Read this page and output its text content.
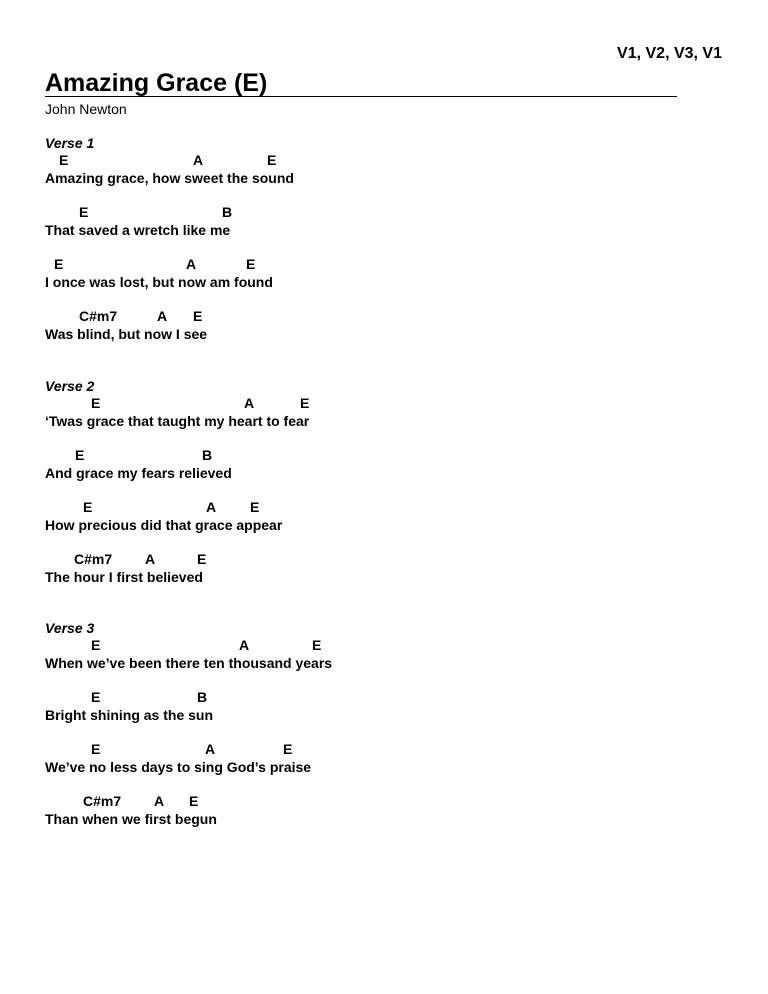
V1, V2, V3, V1
Amazing Grace (E)
John Newton
Verse 1
E	A	E
Amazing grace, how sweet the sound
E	B
That saved a wretch like me
E	A	E
I once was lost, but now am found
C#m7	A E
Was blind, but now I see
Verse 2
E	A	E
‘Twas grace that taught my heart to fear
E	B
And grace my fears relieved
E	A E
How precious did that grace appear
C#m7 A	E
The hour I first believed
Verse 3
E	A	E
When we’ve been there ten thousand years
E	B
Bright shining as the sun
E	A	E
We’ve no less days to sing God’s praise
C#m7 A E
Than when we first begun
